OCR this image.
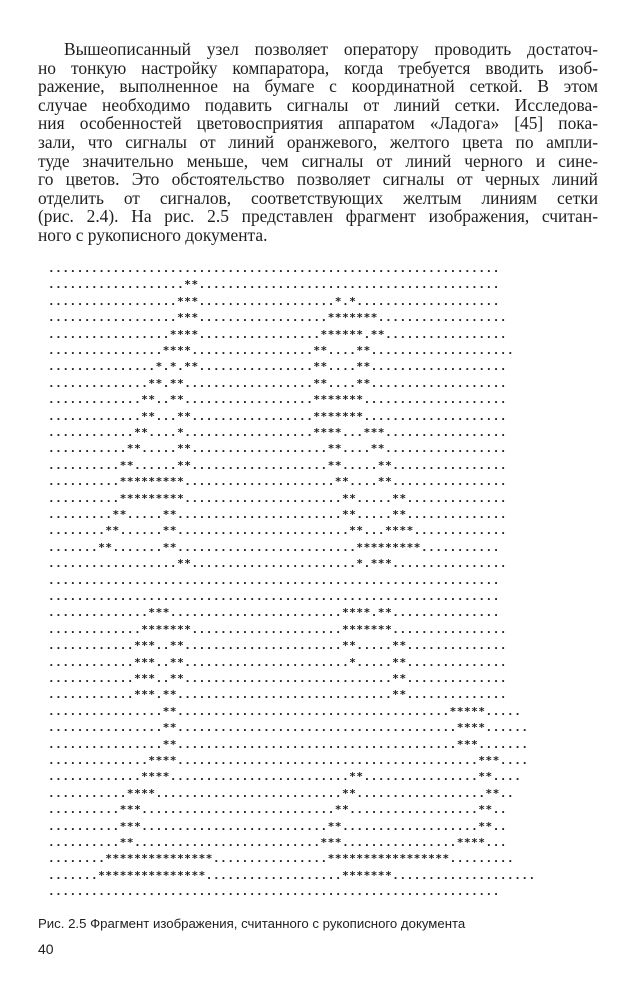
Вышеописанный узел позволяет оператору проводить достаточ-
но тонкую настройку компаратора, когда требуется вводить изоб-
ражение, выполненное на бумаге с координатной сеткой. В этом
случае необходимо подавить сигналы от линий сетки. Исследова-
ния особенностей цветовосприятия аппаратом «Ладога» [45] пока-
зали, что сигналы от линий оранжевого, желтого цвета по ампли-
туде значительно меньше, чем сигналы от линий черного и сине-
го цветов. Это обстоятельство позволяет сигналы от черных линий
отделить от сигналов, соответствующих желтым линиям сетки
(рис. 2.4). На рис. 2.5 представлен фрагмент изображения, считан-
ного с рукописного документа.
...............................................................
...................**..........................................
..................***...................*.*....................
..................***..................*******..................
.................****.................******.**.................
................****.................**....**....................
...............*.*.**................**....**...................
..............**.**..................**....**...................
.............**..**..................*******....................
.............**...**.................*******....................
............**....*..................****...***.................
...........**.....**...................**....**.................
..........**......**...................**.....**................
..........*********.....................**....**................
..........*********......................**.....**..............
.........**.....**.......................**.....**..............
........**......**........................**...****.............
.......**.......**.........................*********...........
..................**.......................*.***................
...............................................................
...............................................................
..............***........................****.**...............
.............*******.....................*******................
............***..**......................**.....**..............
............***..**.......................*.....**..............
............***..**.............................**..............
............***.**..............................**..............
................**......................................*****.....
................**.......................................****......
................**.......................................***.......
..............****..........................................***....
.............****.........................**................**....
...........****..........................**..................**..
..........***...........................**..................**..
..........***..........................**...................**..
..........**..........................***................****...
........***************................*****************.........
.......***************...................*******....................
...............................................................
Рис. 2.5 Фрагмент изображения, считанного с рукописного документа
40
